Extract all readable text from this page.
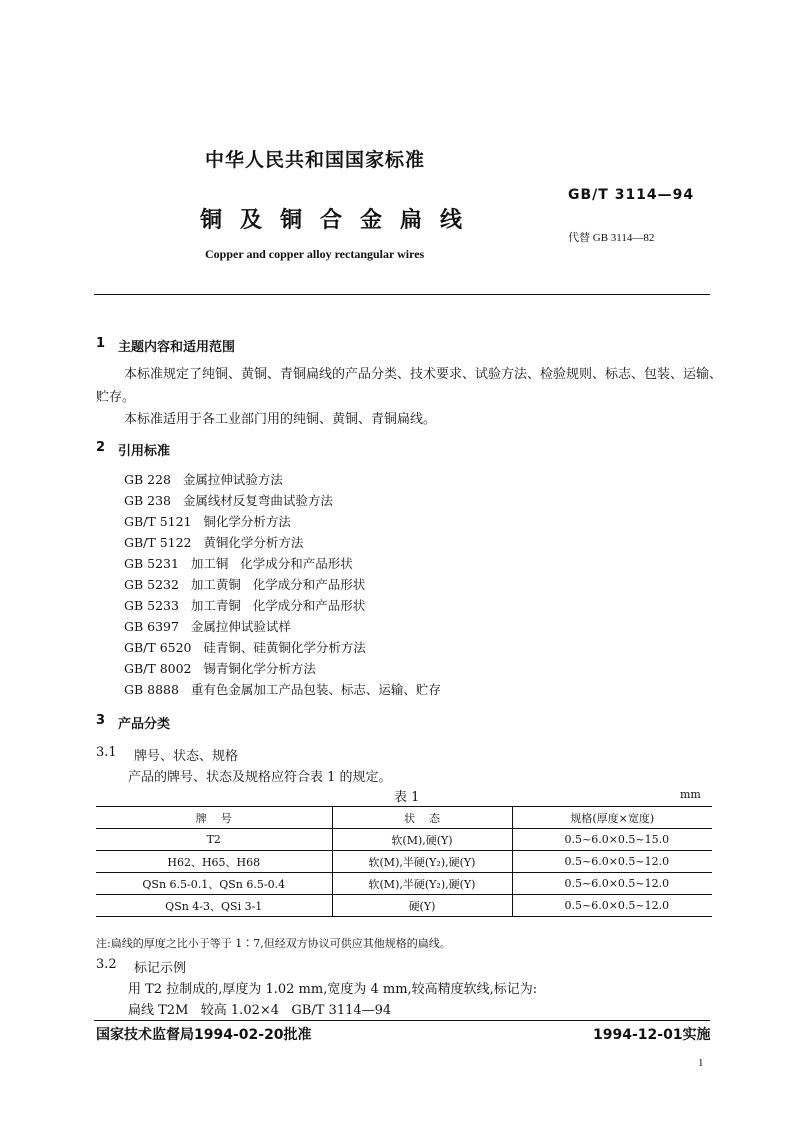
中华人民共和国国家标准
GB/T 3114—94
铜及铜合金扁线
代替 GB 3114—82
Copper and copper alloy rectangular wires
1 主题内容和适用范围
本标准规定了纯铜、黄铜、青铜扁线的产品分类、技术要求、试验方法、检验规则、标志、包装、运输、
贮存。
本标准适用于各工业部门用的纯铜、黄铜、青铜扁线。
2 引用标准
GB 228   金属拉伸试验方法
GB 238   金属线材反复弯曲试验方法
GB/T 5121   铜化学分析方法
GB/T 5122   黄铜化学分析方法
GB 5231   加工铜   化学成分和产品形状
GB 5232   加工黄铜   化学成分和产品形状
GB 5233   加工青铜   化学成分和产品形状
GB 6397   金属拉伸试验试样
GB/T 6520   硅青铜、硅黄铜化学分析方法
GB/T 8002   锡青铜化学分析方法
GB 8888   重有色金属加工产品包装、标志、运输、贮存
3 产品分类
3.1 牌号、状态、规格
产品的牌号、状态及规格应符合表 1 的规定。
表 1	mm
牌    号	状    态	规格(厚度×宽度)
T2	软(M),硬(Y)	0.5~6.0×0.5~15.0
H62、H65、H68	软(M),半硬(Y₂),硬(Y)	0.5~6.0×0.5~12.0
QSn 6.5-0.1、QSn 6.5-0.4	软(M),半硬(Y₂),硬(Y)	0.5~6.0×0.5~12.0
QSn 4-3、QSi 3-1	硬(Y)	0.5~6.0×0.5~12.0
注:扁线的厚度之比小于等于 1∶7,但经双方协议可供应其他规格的扁线。
3.2 标记示例
用 T2 拉制成的,厚度为 1.02 mm,宽度为 4 mm,较高精度软线,标记为:
扁线 T2M   较高 1.02×4   GB/T 3114—94
国家技术监督局1994-02-20批准	1994-12-01实施
1
